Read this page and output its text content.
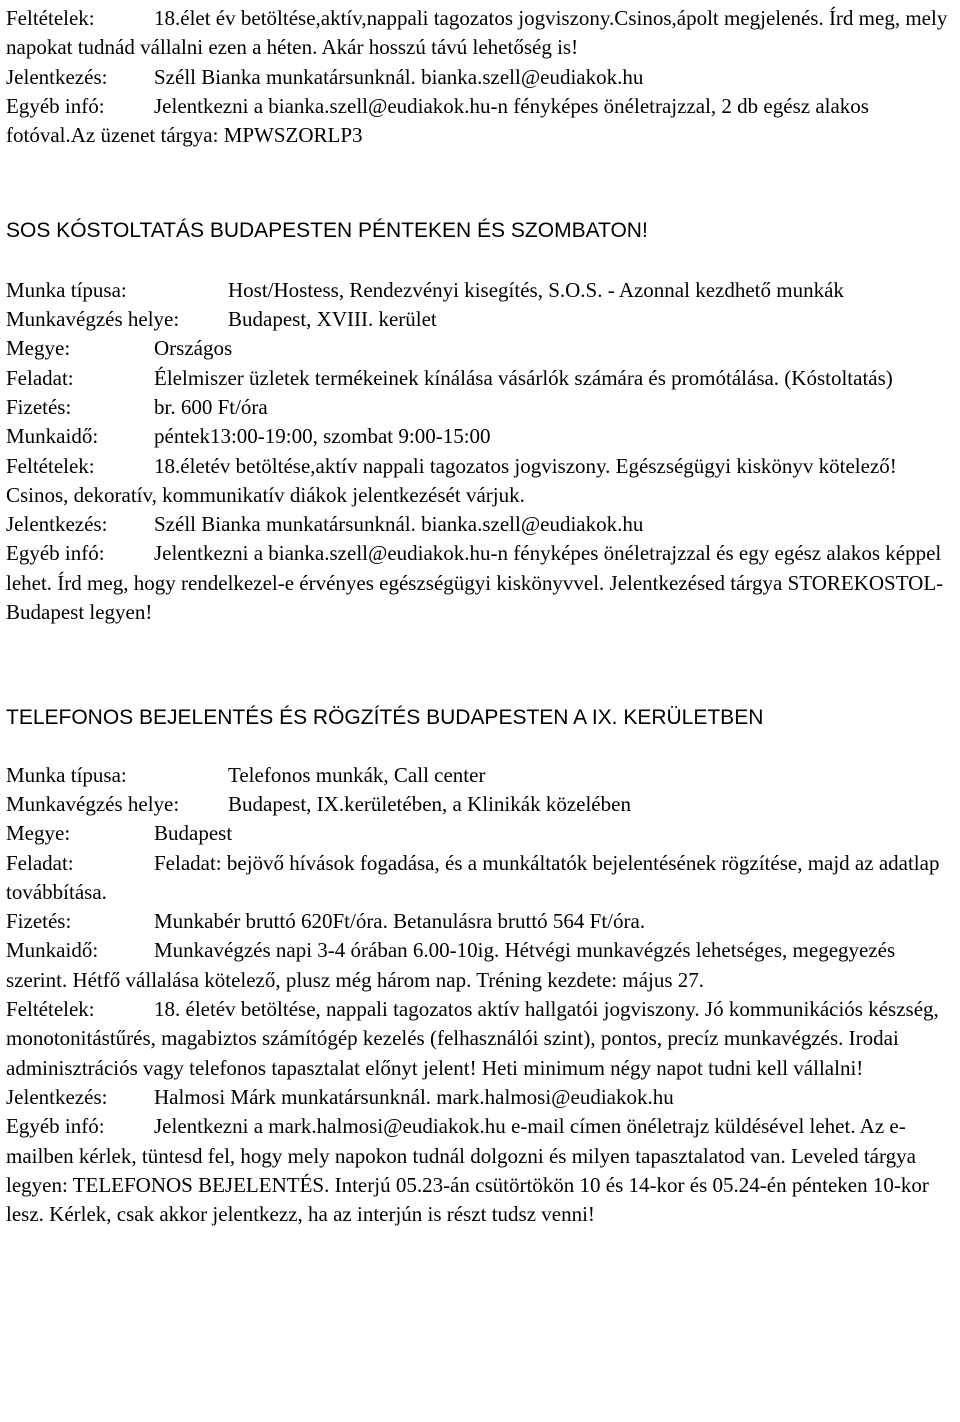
Feltételek:	18.élet év betöltése,aktív,nappali tagozatos jogviszony.Csinos,ápolt megjelenés. Írd meg, mely napokat tudnád vállalni ezen a héten. Akár hosszú távú lehetőség is!
Jelentkezés:	Széll Bianka munkatársunknál. bianka.szell@eudiakok.hu
Egyéb infó:	Jelentkezni a bianka.szell@eudiakok.hu-n fényképes önéletrajzzal, 2 db egész alakos fotóval.Az üzenet tárgya: MPWSZORLP3
SOS KÓSTOLTATÁS BUDAPESTEN PÉNTEKEN ÉS SZOMBATON!
Munka típusa:	Host/Hostess, Rendezvényi kisegítés, S.O.S. - Azonnal kezdhető munkák
Munkavégzés helye:	Budapest, XVIII. kerület
Megye:	Országos
Feladat:	Élelmiszer üzletek termékeinek kínálása vásárlók számára és promótálása. (Kóstoltatás)
Fizetés:	br. 600 Ft/óra
Munkaidő:	péntek13:00-19:00, szombat 9:00-15:00
Feltételek:	18.életév betöltése,aktív nappali tagozatos jogviszony. Egészségügyi kiskönyv kötelező! Csinos, dekoratív, kommunikatív diákok jelentkezését várjuk.
Jelentkezés:	Széll Bianka munkatársunknál. bianka.szell@eudiakok.hu
Egyéb infó:	Jelentkezni a bianka.szell@eudiakok.hu-n fényképes önéletrajzzal és egy egész alakos képpel lehet. Írd meg, hogy rendelkezel-e érvényes egészségügyi kiskönyvvel. Jelentkezésed tárgya STOREKOSTOL-Budapest legyen!
TELEFONOS BEJELENTÉS ÉS RÖGZÍTÉS BUDAPESTEN A IX. KERÜLETBEN
Munka típusa:	Telefonos munkák, Call center
Munkavégzés helye:	Budapest, IX.kerületében, a Klinikák közelében
Megye:	Budapest
Feladat:	Feladat: bejövő hívások fogadása, és a munkáltatók bejelentésének rögzítése, majd az adatlap továbbítása.
Fizetés:	Munkabér bruttó 620Ft/óra. Betanulásra bruttó 564 Ft/óra.
Munkaidő:	Munkavégzés napi 3-4 órában 6.00-10ig. Hétvégi munkavégzés lehetséges, megegyezés szerint. Hétfő vállalása kötelező, plusz még három nap. Tréning kezdete: május 27.
Feltételek:	18. életév betöltése, nappali tagozatos aktív hallgatói jogviszony. Jó kommunikációs készség, monotonitástűrés, magabiztos számítógép kezelés (felhasználói szint), pontos, precíz munkavégzés. Irodai adminisztrációs vagy telefonos tapasztalat előnyt jelent! Heti minimum négy napot tudni kell vállalni!
Jelentkezés:	Halmosi Márk munkatársunknál. mark.halmosi@eudiakok.hu
Egyéb infó:	Jelentkezni a mark.halmosi@eudiakok.hu e-mail címen önéletrajz küldésével lehet. Az e-mailben kérlek, tüntesd fel, hogy mely napokon tudnál dolgozni és milyen tapasztalatod van. Leveled tárgya legyen: TELEFONOS BEJELENTÉS. Interjú 05.23-án csütörtökön 10 és 14-kor és 05.24-én pénteken 10-kor lesz. Kérlek, csak akkor jelentkezz, ha az interjún is részt tudsz venni!
